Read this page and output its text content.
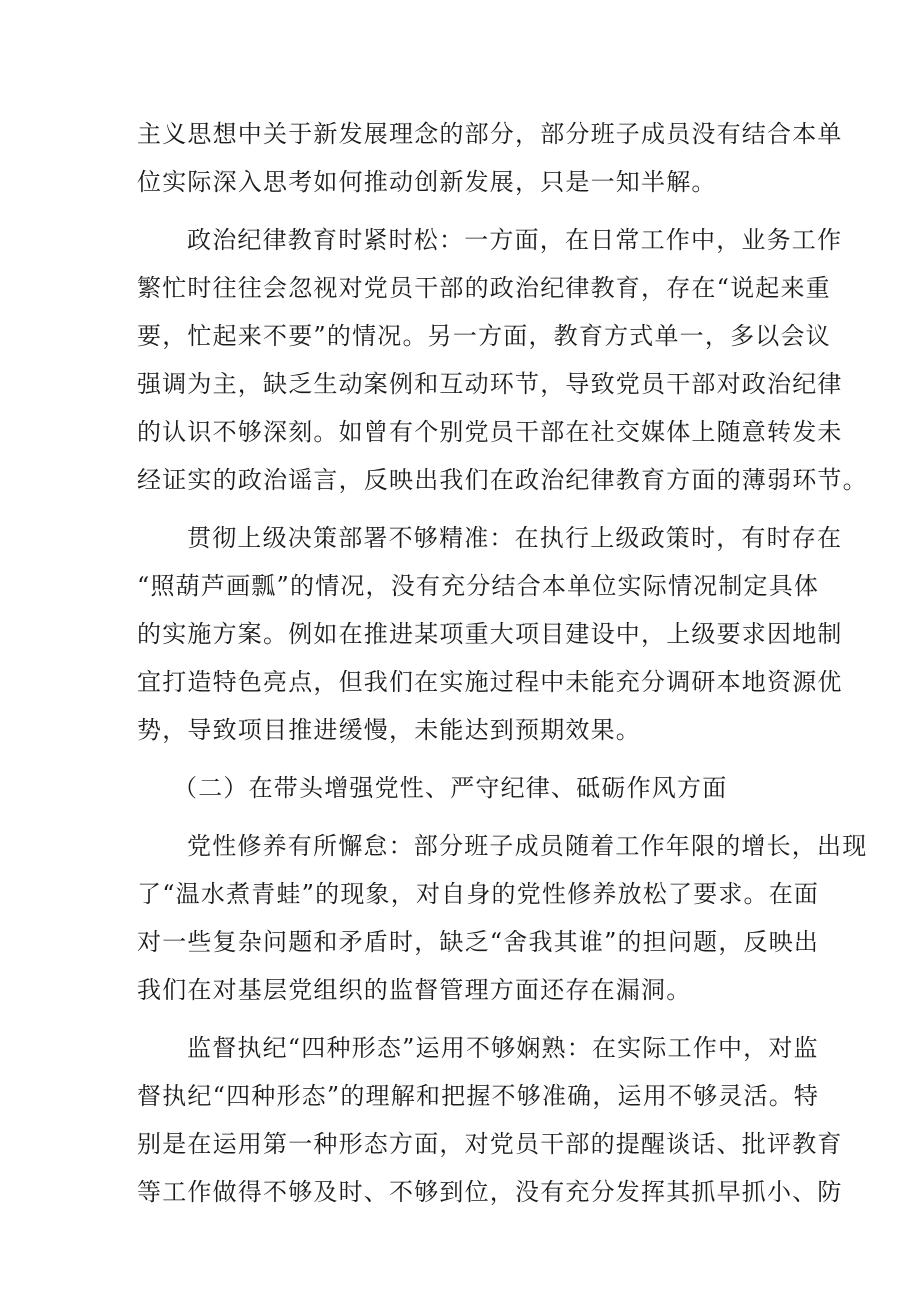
主义思想中关于新发展理念的部分，部分班子成员没有结合本单
位实际深入思考如何推动创新发展，只是一知半解。
政治纪律教育时紧时松：一方面，在日常工作中，业务工作
繁忙时往往会忽视对党员干部的政治纪律教育，存在“说起来重
要，忙起来不要”的情况。另一方面，教育方式单一，多以会议
强调为主，缺乏生动案例和互动环节，导致党员干部对政治纪律
的认识不够深刻。如曾有个别党员干部在社交媒体上随意转发未
经证实的政治谣言，反映出我们在政治纪律教育方面的薄弱环节。
贯彻上级决策部署不够精准：在执行上级政策时，有时存在
“照葫芦画瓢”的情况，没有充分结合本单位实际情况制定具体
的实施方案。例如在推进某项重大项目建设中，上级要求因地制
宜打造特色亮点，但我们在实施过程中未能充分调研本地资源优
势，导致项目推进缓慢，未能达到预期效果。
（二）在带头增强党性、严守纪律、砥砺作风方面
党性修养有所懈怠：部分班子成员随着工作年限的增长，出现
了“温水煮青蛙”的现象，对自身的党性修养放松了要求。在面
对一些复杂问题和矛盾时，缺乏“舍我其谁”的担问题，反映出
我们在对基层党组织的监督管理方面还存在漏洞。
监督执纪“四种形态”运用不够娴熟：在实际工作中，对监
督执纪“四种形态”的理解和把握不够准确，运用不够灵活。特
别是在运用第一种形态方面，对党员干部的提醒谈话、批评教育
等工作做得不够及时、不够到位，没有充分发挥其抓早抓小、防
